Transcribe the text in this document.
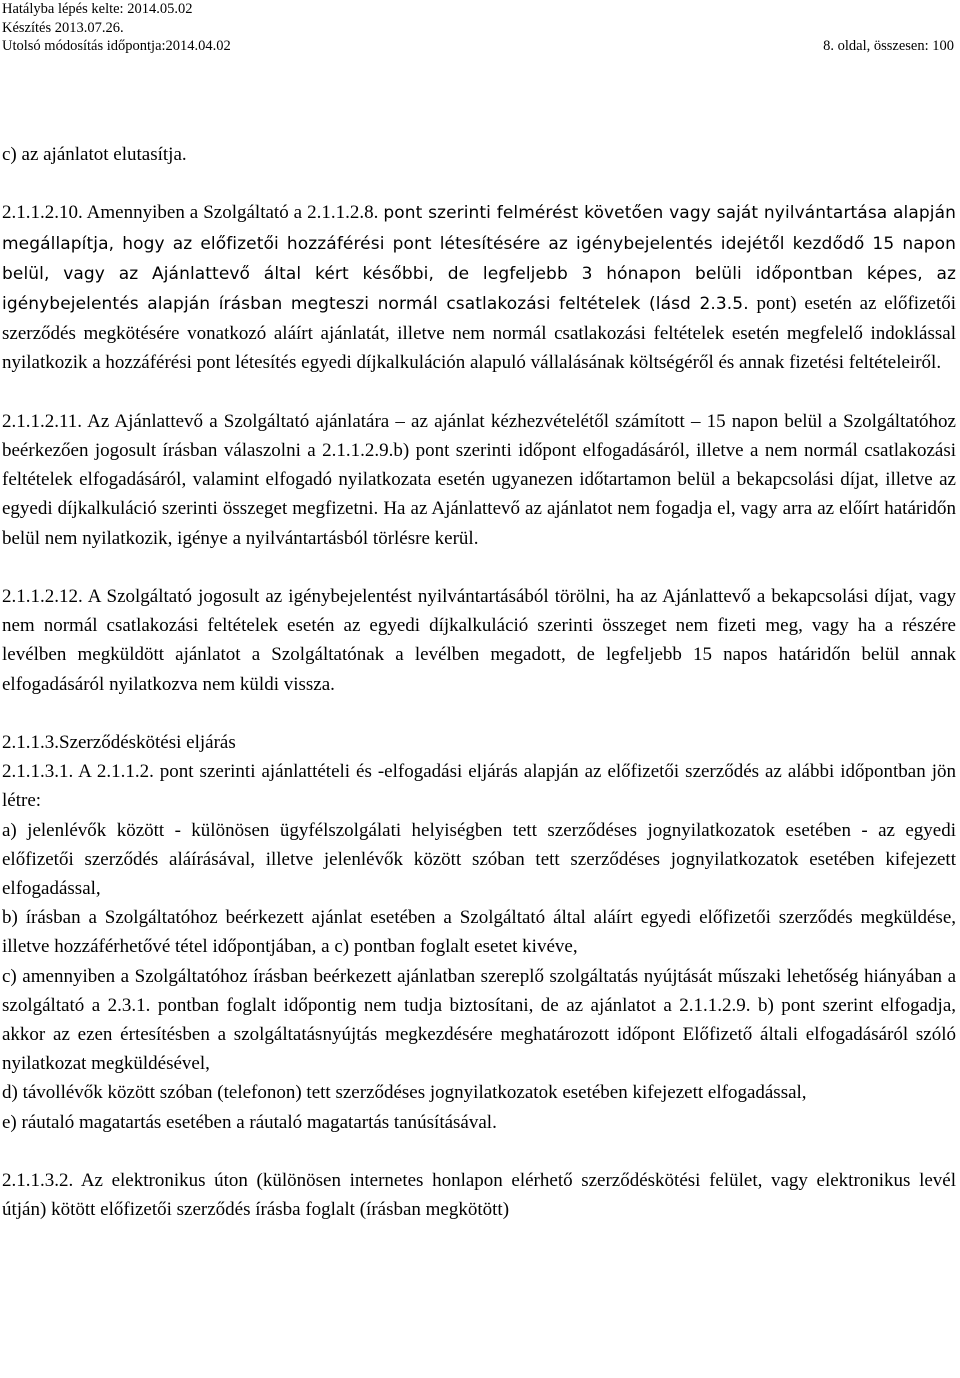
Hatályba lépés kelte: 2014.05.02
Készítés 2013.07.26.
Utolsó módosítás időpontja:2014.04.02	8. oldal, összesen: 100

c) az ajánlatot elutasítja.

2.1.1.2.10. Amennyiben a Szolgáltató a 2.1.1.2.8. pont szerinti felmérést követően vagy saját nyilvántartása alapján megállapítja, hogy az előfizetői hozzáférési pont létesítésére az igénybejelentés idejétől kezdődő 15 napon belül, vagy az Ajánlattevő által kért későbbi, de legfeljebb 3 hónapon belüli időpontban képes, az igénybejelentés alapján írásban megteszi normál csatlakozási feltételek (lásd 2.3.5. pont) esetén az előfizetői szerződés megkötésére vonatkozó aláírt ajánlatát, illetve nem normál csatlakozási feltételek esetén megfelelő indoklással nyilatkozik a hozzáférési pont létesítés egyedi díjkalkuláción alapuló vállalásának költségéről és annak fizetési feltételeiről.

2.1.1.2.11. Az Ajánlattevő a Szolgáltató ajánlatára – az ajánlat kézhezvételétől számított – 15 napon belül a Szolgáltatóhoz beérkezően jogosult írásban válaszolni a 2.1.1.2.9.b) pont szerinti időpont elfogadásáról, illetve a nem normál csatlakozási feltételek elfogadásáról, valamint elfogadó nyilatkozata esetén ugyanezen időtartamon belül a bekapcsolási díjat, illetve az egyedi díjkalkuláció szerinti összeget megfizetni. Ha az Ajánlattevő az ajánlatot nem fogadja el, vagy arra az előírt határidőn belül nem nyilatkozik, igénye a nyilvántartásból törlésre kerül.

2.1.1.2.12. A Szolgáltató jogosult az igénybejelentést nyilvántartásából törölni, ha az Ajánlattevő a bekapcsolási díjat, vagy nem normál csatlakozási feltételek esetén az egyedi díjkalkuláció szerinti összeget nem fizeti meg, vagy ha a részére levélben megküldött ajánlatot a Szolgáltatónak a levélben megadott, de legfeljebb 15 napos határidőn belül annak elfogadásáról nyilatkozva nem küldi vissza.

2.1.1.3.Szerződéskötési eljárás

2.1.1.3.1. A 2.1.1.2. pont szerinti ajánlattételi és -elfogadási eljárás alapján az előfizetői szerződés az alábbi időpontban jön létre:

a) jelenlévők között - különösen ügyfélszolgálati helyiségben tett szerződéses jognyilatkozatok esetében - az egyedi előfizetői szerződés aláírásával, illetve jelenlévők között szóban tett szerződéses jognyilatkozatok esetében kifejezett elfogadással,

b) írásban a Szolgáltatóhoz beérkezett ajánlat esetében a Szolgáltató által aláírt egyedi előfizetői szerződés megküldése, illetve hozzáférhetővé tétel időpontjában, a c) pontban foglalt esetet kivéve,

c) amennyiben a Szolgáltatóhoz írásban beérkezett ajánlatban szereplő szolgáltatás nyújtását műszaki lehetőség hiányában a szolgáltató a 2.3.1. pontban foglalt időpontig nem tudja biztosítani, de az ajánlatot a 2.1.1.2.9. b) pont szerint elfogadja, akkor az ezen értesítésben a szolgáltatásnyújtás megkezdésére meghatározott időpont Előfizető általi elfogadásáról szóló nyilatkozat megküldésével,

d) távollévők között szóban (telefonon) tett szerződéses jognyilatkozatok esetében kifejezett elfogadással,

e) ráutaló magatartás esetében a ráutaló magatartás tanúsításával.

2.1.1.3.2. Az elektronikus úton (különösen internetes honlapon elérhető szerződéskötési felület, vagy elektronikus levél útján) kötött előfizetői szerződés írásba foglalt (írásban megkötött)
